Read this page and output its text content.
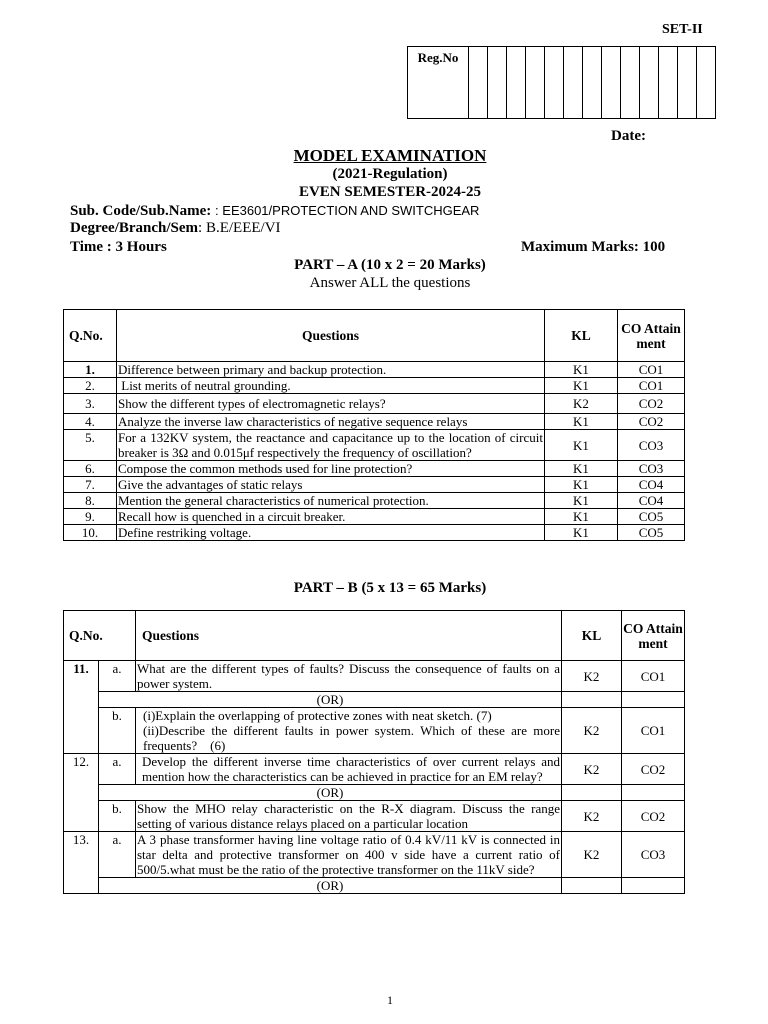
SET-II
Reg.No													
Date:
MODEL EXAMINATION
(2021-Regulation)
EVEN SEMESTER-2024-25
Sub. Code/Sub.Name: : EE3601/PROTECTION AND SWITCHGEAR
Degree/Branch/Sem: B.E/EEE/VI
Time : 3 Hours	Maximum Marks: 100
PART – A (10 x 2 = 20 Marks)
Answer ALL the questions
Q.No.	Questions	KL	CO Attain ment
1.	Difference between primary and backup protection.	K1	CO1
2.	List merits of neutral grounding.	K1	CO1
3.	Show the different types of electromagnetic relays?	K2	CO2
4.	Analyze the inverse law characteristics of negative sequence relays	K1	CO2
5.	For a 132KV system, the reactance and capacitance up to the location of circuit breaker is 3Ω and 0.015μf respectively the frequency of oscillation?	K1	CO3
6.	Compose the common methods used for line protection?	K1	CO3
7.	Give the advantages of static relays	K1	CO4
8.	Mention the general characteristics of numerical protection.	K1	CO4
9.	Recall how is quenched in a circuit breaker.	K1	CO5
10.	Define restriking voltage.	K1	CO5
PART – B (5 x 13 = 65 Marks)
Q.No.		Questions	KL	CO Attain ment
11.	a.	What are the different types of faults? Discuss the consequence of faults on a power system.	K2	CO1
	(OR)			
	b.	(i)Explain the overlapping of protective zones with neat sketch. (7)
(ii)Describe the different faults in power system. Which of these are more frequents?    (6)	K2	CO1
12.	a.	Develop the different inverse time characteristics of over current relays and mention how the characteristics can be achieved in practice for an EM relay?	K2	CO2
	(OR)			
	b.	Show the MHO relay characteristic on the R-X diagram. Discuss the range setting of various distance relays placed on a particular location	K2	CO2
13.	a.	A 3 phase transformer having line voltage ratio of 0.4 kV/11 kV is connected in star delta and protective transformer on 400 v side have a current ratio of 500/5.what must be the ratio of the protective transformer on the 11kV side?	K2	CO3
	(OR)			
1
